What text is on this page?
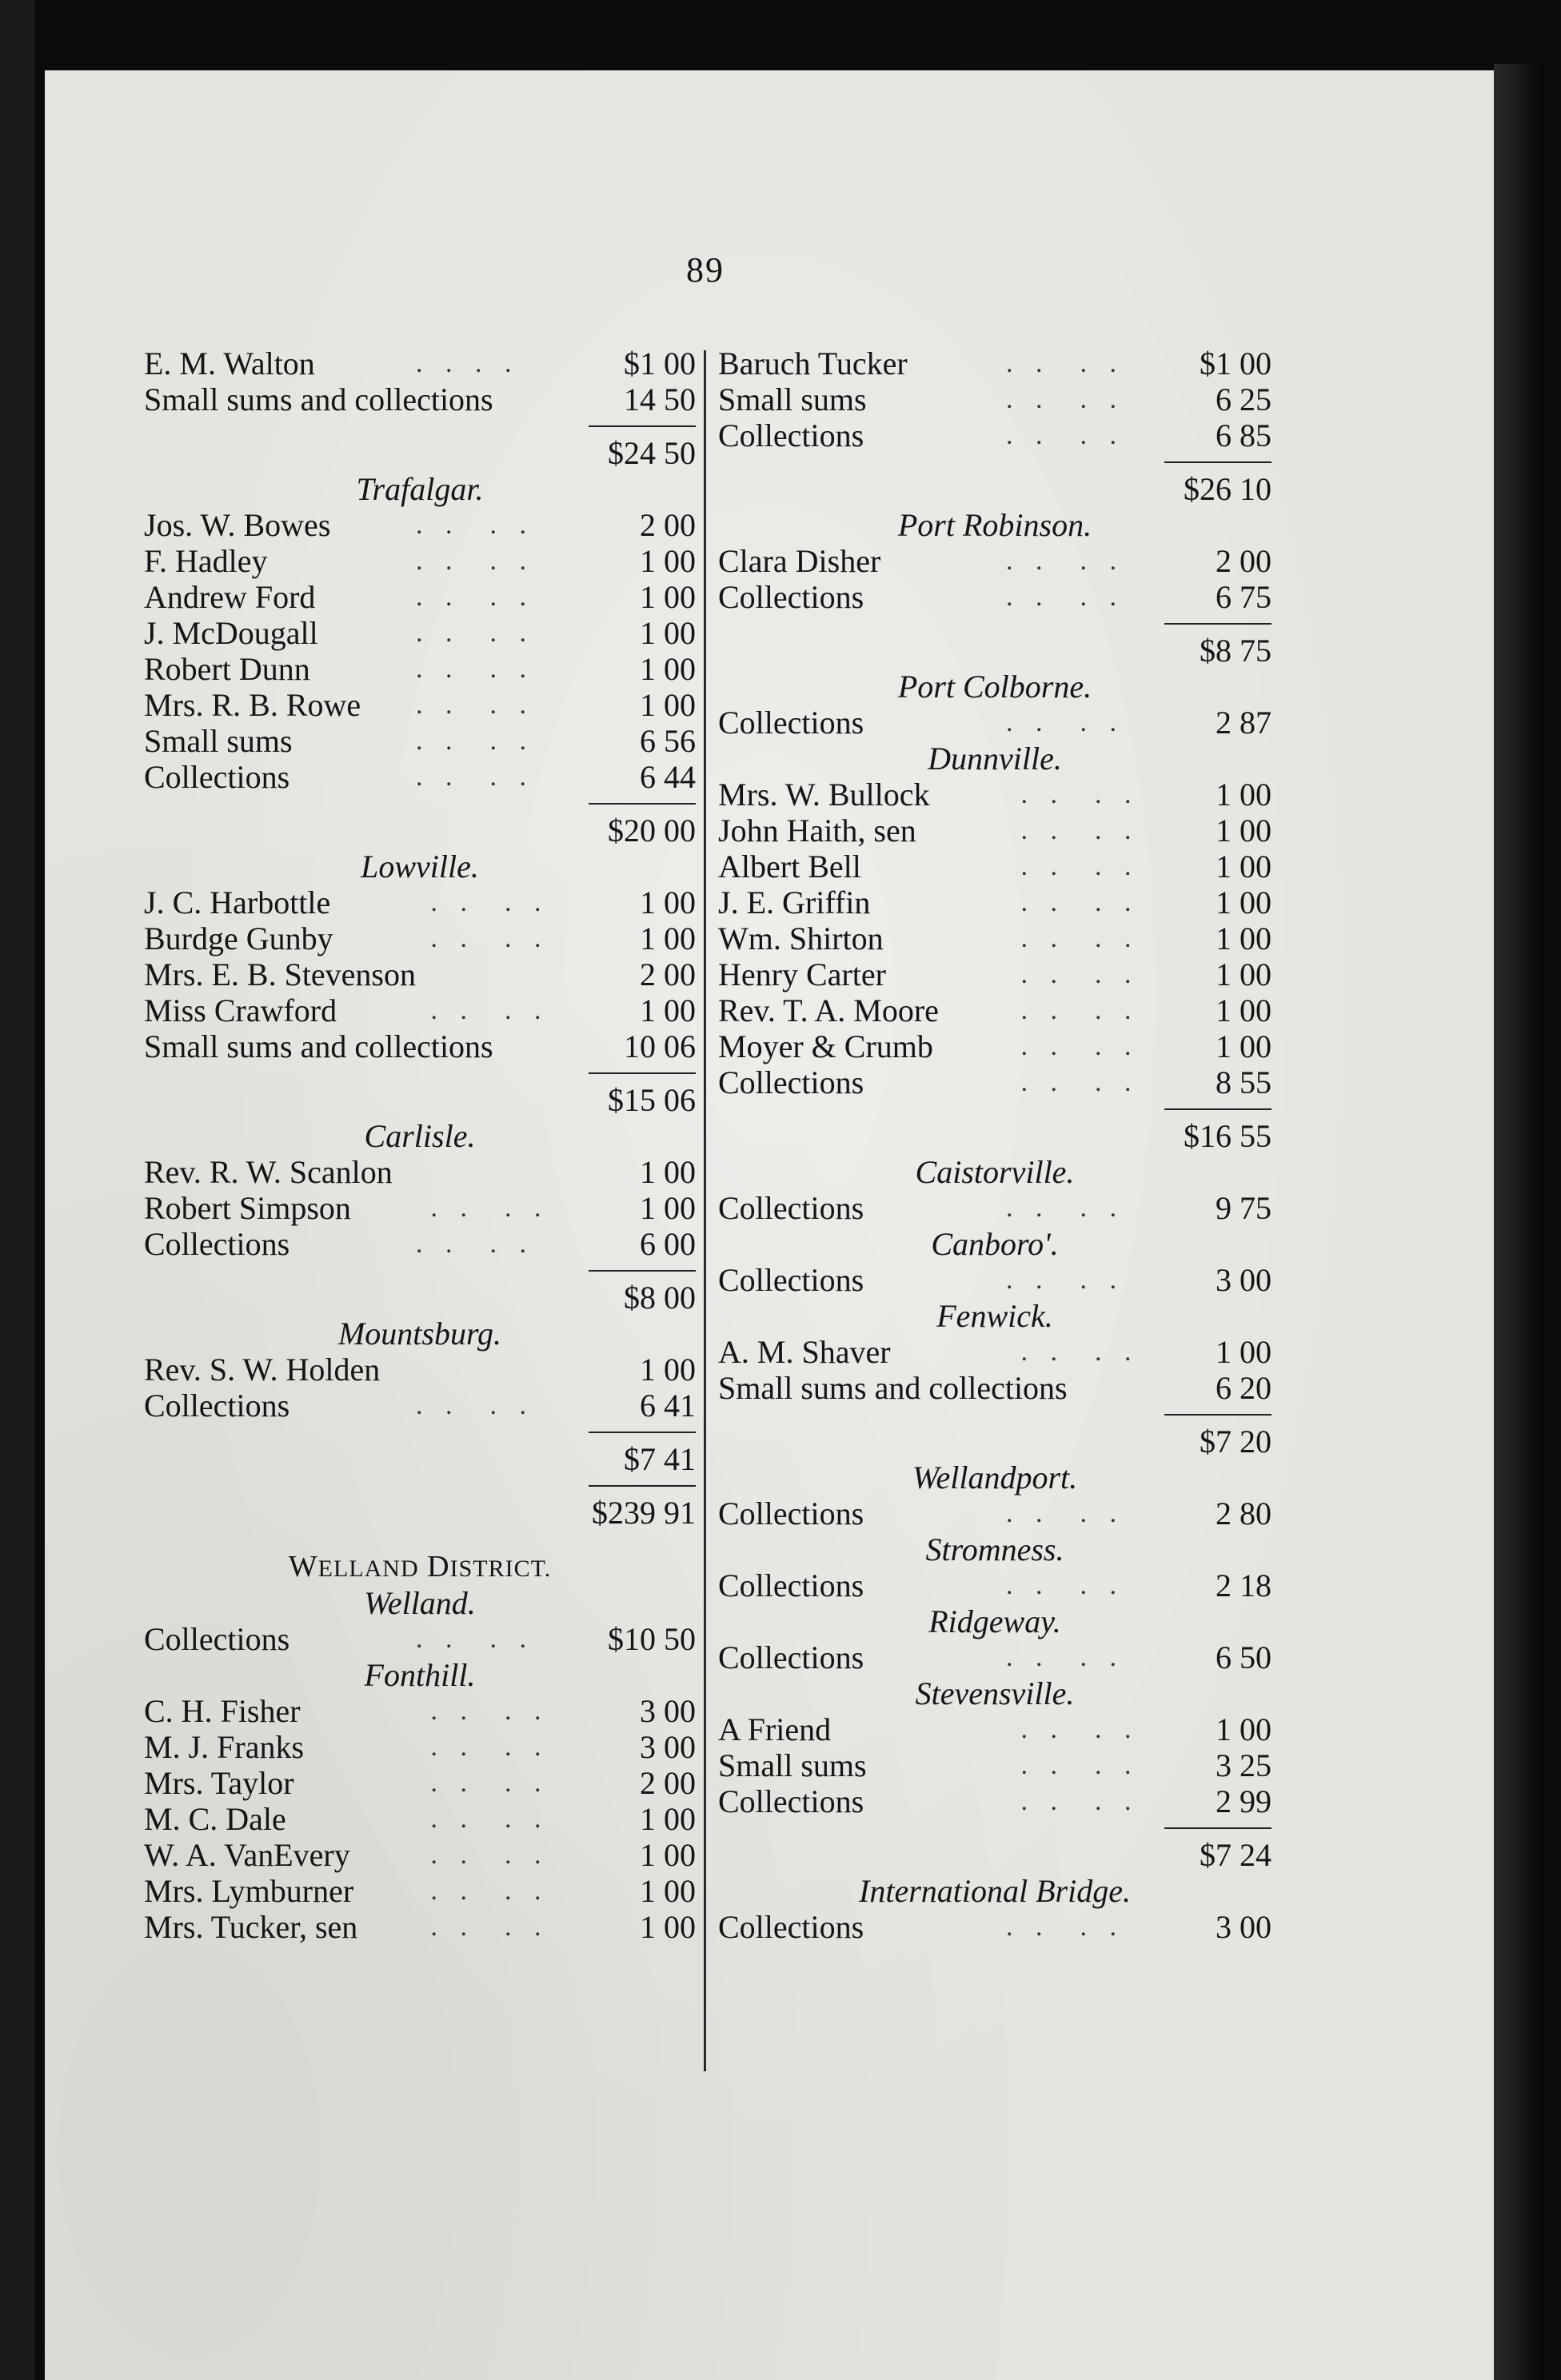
89
E. M. Walton	. . . .	$1 00
Small sums and collections	14 50
$24 50
Trafalgar.
Jos. W. Bowes	. .  . .	2 00
F. Hadley	. .  . .	1 00
Andrew Ford	. .  . .	1 00
J. McDougall	. .  . .	1 00
Robert Dunn	. .  . .	1 00
Mrs. R. B. Rowe . .  . .	1 00
Small sums	. .  . .	6 56
Collections	. .  . .	6 44
$20 00
Lowville.
J. C. Harbottle	. .  . .	1 00
Burdge Gunby	. .  . .	1 00
Mrs. E. B. Stevenson	2 00
Miss Crawford	. .  . .	1 00
Small sums and collections	10 06
$15 06
Carlisle.
Rev. R. W. Scanlon	1 00
Robert Simpson . .  . .	1 00
Collections	. .  . .	6 00
$8 00
Mountsburg.
Rev. S. W. Holden	1 00
Collections	. .  . .	6 41
$7 41
$239 91
WELLAND DISTRICT.
Welland.
Collections	. .  . . $10 50
Fonthill.
C. H. Fisher	. .  . .	3 00
M. J. Franks	. .  . .	3 00
Mrs. Taylor	. .  . .	2 00
M. C. Dale	. .  . .	1 00
W. A. VanEvery . .  . .	1 00
Mrs. Lymburner . .  . .	1 00
Mrs. Tucker, sen . .  . .	1 00
Baruch Tucker	. .  . . $1 00
Small sums	. .  . .	6 25
Collections	. .  . .	6 85
$26 10
Port Robinson.
Clara Disher	. .  . .	2 00
Collections	. .  . .	6 75
$8 75
Port Colborne.
Collections	. .  . .	2 87
Dunnville.
Mrs. W. Bullock	. .  . . 1 00
John Haith, sen	. .  . . 1 00
Albert Bell	. .  . . 1 00
J. E. Griffin	. .  . . 1 00
Wm. Shirton	. .  . . 1 00
Henry Carter	. .  . . 1 00
Rev. T. A. Moore . .  . . 1 00
Moyer & Crumb	. .  . . 1 00
Collections	. .  . . 8 55
$16 55
Caistorville.
Collections	. .  . .	9 75
Canboro'.
Collections	. .  . .	3 00
Fenwick.
A. M. Shaver	. .  . . 1 00
Small sums and collections	6 20
$7 20
Wellandport.
Collections	. .  . .	2 80
Stromness.
Collections	. .  . .	2 18
Ridgeway.
Collections	. .  . .	6 50
Stevensville.
A Friend	. .  . . 1 00
Small sums	. .  . . 3 25
Collections	. .  . . 2 99
$7 24
International Bridge.
Collections	. .  . .	3 00
